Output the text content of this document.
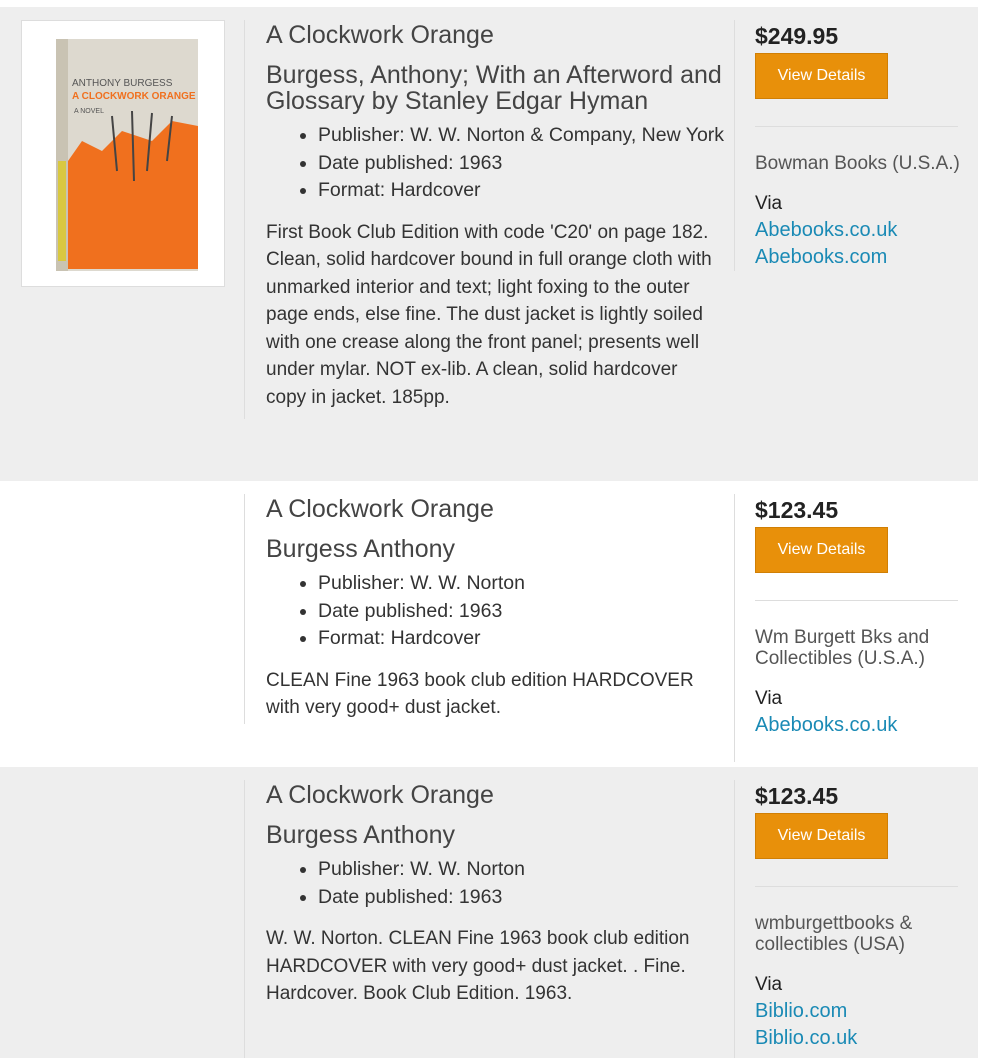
ANTHONY BURGESS
A CLOCKWORK ORANGE
A NOVEL
A Clockwork Orange
Burgess, Anthony; With an Afterword and Glossary by Stanley Edgar Hyman
• Publisher: W. W. Norton & Company, New York
• Date published: 1963
• Format: Hardcover

First Book Club Edition with code 'C20' on page 182. Clean, solid hardcover bound in full orange cloth with unmarked interior and text; light foxing to the outer page ends, else fine. The dust jacket is lightly soiled with one crease along the front panel; presents well under mylar. NOT ex-lib. A clean, solid hardcover copy in jacket. 185pp.

$249.95
View Details
Bowman Books (U.S.A.)
Via
Abebooks.co.uk
Abebooks.com
A Clockwork Orange
Burgess Anthony
• Publisher: W. W. Norton
• Date published: 1963
• Format: Hardcover

CLEAN Fine 1963 book club edition HARDCOVER with very good+ dust jacket.

$123.45
View Details
Wm Burgett Bks and Collectibles (U.S.A.)
Via
Abebooks.co.uk
A Clockwork Orange
Burgess Anthony
• Publisher: W. W. Norton
• Date published: 1963

W. W. Norton. CLEAN Fine 1963 book club edition HARDCOVER with very good+ dust jacket. . Fine. Hardcover. Book Club Edition. 1963.

$123.45
View Details
wmburgettbooks & collectibles (USA)
Via
Biblio.com
Biblio.co.uk
